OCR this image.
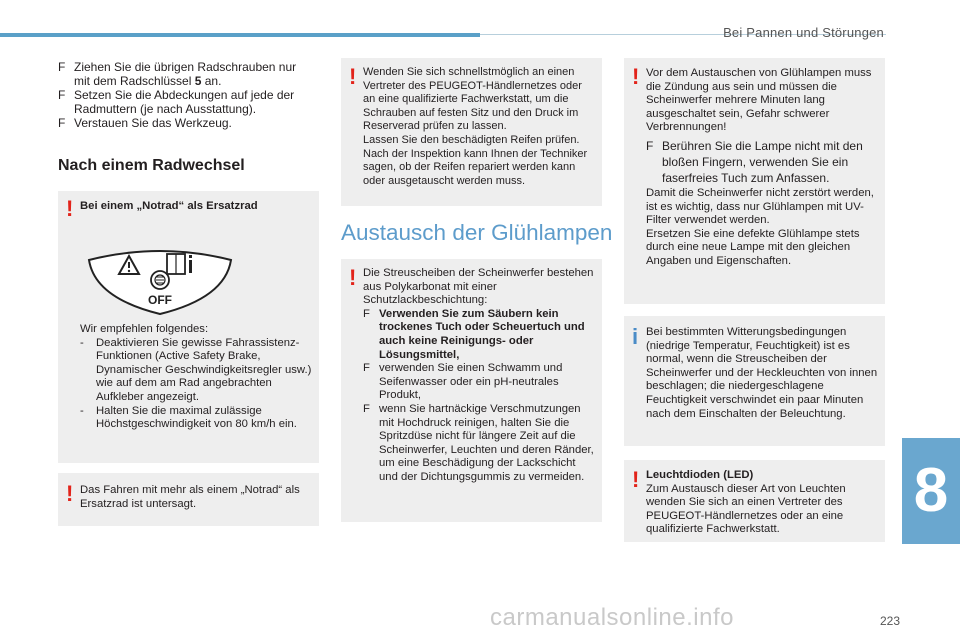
Bei Pannen und Störungen
F Ziehen Sie die übrigen Radschrauben nur mit dem Radschlüssel 5 an.
F Setzen Sie die Abdeckungen auf jede der Radmuttern (je nach Ausstattung).
F Verstauen Sie das Werkzeug.
Nach einem Radwechsel
! Bei einem „Notrad“ als Ersatzrad
OFF
Wir empfehlen folgendes:
-	Deaktivieren Sie gewisse Fahrassistenz-Funktionen (Active Safety Brake, Dynamischer Geschwindigkeitsregler usw.) wie auf dem am Rad angebrachten Aufkleber angezeigt.
-	Halten Sie die maximal zulässige Höchstgeschwindigkeit von 80 km/h ein.
! Das Fahren mit mehr als einem „Notrad“ als Ersatzrad ist untersagt.
! Wenden Sie sich schnellstmöglich an einen Vertreter des PEUGEOT-Händlernetzes oder an eine qualifizierte Fachwerkstatt, um die Schrauben auf festen Sitz und den Druck im Reserverad prüfen zu lassen.
Lassen Sie den beschädigten Reifen prüfen. Nach der Inspektion kann Ihnen der Techniker sagen, ob der Reifen repariert werden kann oder ausgetauscht werden muss.
Austausch der Glühlampen
! Die Streuscheiben der Scheinwerfer bestehen aus Polykarbonat mit einer Schutzlackbeschichtung:
F Verwenden Sie zum Säubern kein trockenes Tuch oder Scheuertuch und auch keine Reinigungs- oder Lösungsmittel,
F verwenden Sie einen Schwamm und Seifenwasser oder ein pH-neutrales Produkt,
F wenn Sie hartnäckige Verschmutzungen mit Hochdruck reinigen, halten Sie die Spritzdüse nicht für längere Zeit auf die Scheinwerfer, Leuchten und deren Ränder, um eine Beschädigung der Lackschicht und der Dichtungsgummis zu vermeiden.
! Vor dem Austauschen von Glühlampen muss die Zündung aus sein und müssen die Scheinwerfer mehrere Minuten lang ausgeschaltet sein, Gefahr schwerer Verbrennungen!
F Berühren Sie die Lampe nicht mit den bloßen Fingern, verwenden Sie ein faserfreies Tuch zum Anfassen.
Damit die Scheinwerfer nicht zerstört werden, ist es wichtig, dass nur Glühlampen mit UV-Filter verwendet werden.
Ersetzen Sie eine defekte Glühlampe stets durch eine neue Lampe mit den gleichen Angaben und Eigenschaften.
i Bei bestimmten Witterungsbedingungen (niedrige Temperatur, Feuchtigkeit) ist es normal, wenn die Streuscheiben der Scheinwerfer und der Heckleuchten von innen beschlagen; die niedergeschlagene Feuchtigkeit verschwindet ein paar Minuten nach dem Einschalten der Beleuchtung.
! Leuchtdioden (LED)
Zum Austausch dieser Art von Leuchten wenden Sie sich an einen Vertreter des PEUGEOT-Händlernetzes oder an eine qualifizierte Fachwerkstatt.
8
carmanualsonline.info	223
